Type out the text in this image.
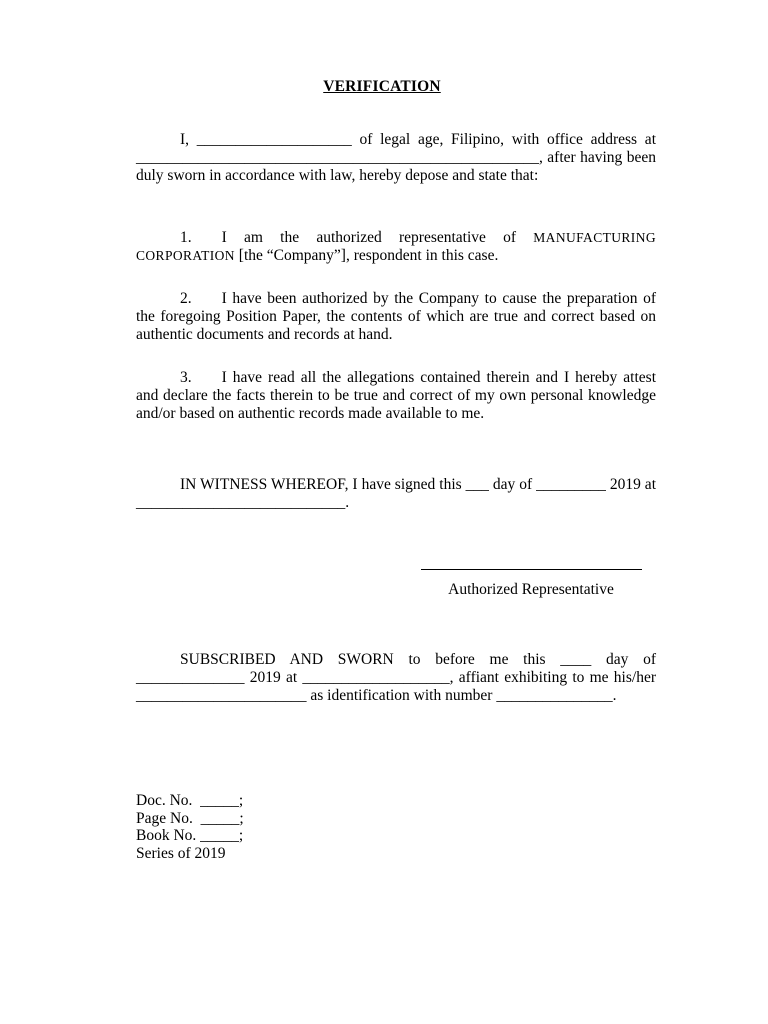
VERIFICATION

I, ____________________ of legal age, Filipino, with office address at ____________________________________________________, after having been duly sworn in accordance with law, hereby depose and state that:

1. I am the authorized representative of MANUFACTURING CORPORATION [the “Company”], respondent in this case.

2. I have been authorized by the Company to cause the preparation of the foregoing Position Paper, the contents of which are true and correct based on authentic documents and records at hand.

3. I have read all the allegations contained therein and I hereby attest and declare the facts therein to be true and correct of my own personal knowledge and/or based on authentic records made available to me.

IN WITNESS WHEREOF, I have signed this ___ day of _________ 2019 at ___________________________.

Authorized Representative

SUBSCRIBED AND SWORN to before me this ____ day of ______________ 2019 at ___________________, affiant exhibiting to me his/her ______________________ as identification with number _______________.

Doc. No.  _____;
Page No.  _____;
Book No. _____;
Series of 2019
